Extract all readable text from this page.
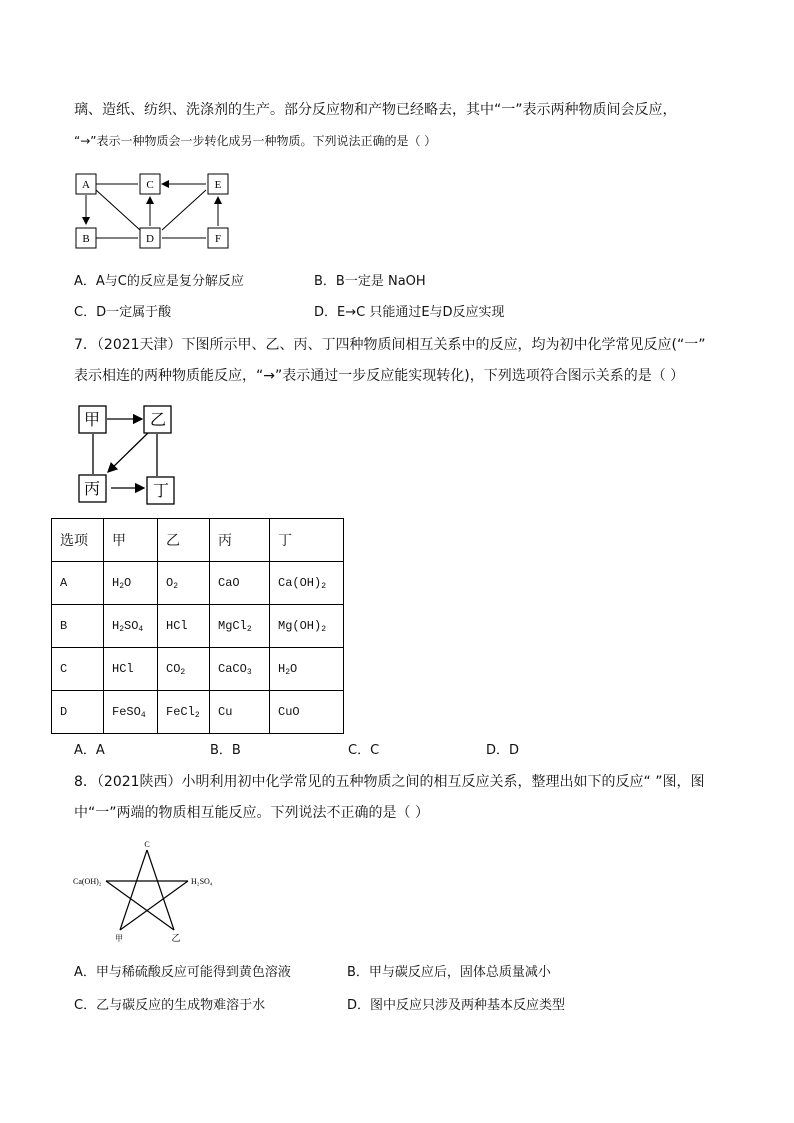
璃、造纸、纺织、洗涤剂的生产。部分反应物和产物已经略去，其中“一”表示两种物质间会反应，
“→”表示一种物质会一步转化成另一种物质。下列说法正确的是（ ）
A	C	E
B	D	F
A．A与C的反应是复分解反应	B．B一定是 NaOH
C．D一定属于酸	D．E→C 只能通过E与D反应实现
7．（2021天津）下图所示甲、乙、丙、丁四种物质间相互关系中的反应，均为初中化学常见反应(“一”
表示相连的两种物质能反应，“→”表示通过一步反应能实现转化)，下列选项符合图示关系的是（ ）
甲	乙
丙	丁
选项	甲	乙	丙	丁
A	$H_2O$	$O_2$	CaO	$Ca(OH)_2$
B	$H_2SO_4$	HCl	MgCl$_2$	$Mg(OH)_2$
C	HCl	$CO_2$	CaCO$_3$	$H_2O$
D	FeSO$_4$	FeCl$_2$	Cu	CuO
A．A	B．B	C．C	D．D
8．（2021陕西）小明利用初中化学常见的五种物质之间的相互反应关系，整理出如下的反应“ ”图，图
中“一”两端的物质相互能反应。下列说法不正确的是（ ）
C
Ca(OH)₂	H₂SO₄
甲	乙
A．甲与稀硫酸反应可能得到黄色溶液	B．甲与碳反应后，固体总质量减小
C．乙与碳反应的生成物难溶于水	D．图中反应只涉及两种基本反应类型
